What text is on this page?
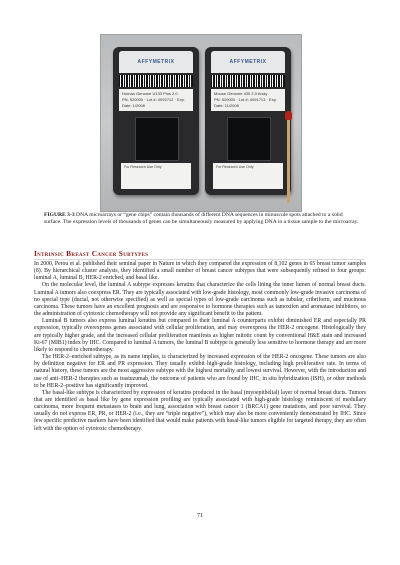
AFFYMETRIX
Human Genome U133 Plus 2.0
PN: 520000 · Lot #: 4092712 · Exp. Date: 1/2008
For Research Use Only
AFFYMETRIX
Mouse Genome 430 2.0 Array
PN: 520000 · Lot #: 4091713 · Exp. Date: 11/2008
For Research Use Only
FIGURE 3-3 DNA microarrays or “gene chips” contain thousands of different DNA sequences in minuscule spots attached to a solid surface. The expression levels of thousands of genes can be simultaneously measured by applying DNA in a tissue sample to the microarray.
Intrinsic Breast Cancer Subtypes

In 2000, Perou et al. published their seminal paper in Nature in which they compared the expression of 8,102 genes in 65 breast tumor samples (8). By hierarchical cluster analysis, they identified a small number of breast cancer subtypes that were subsequently refined to four groups: luminal A, luminal B, HER-2 enriched, and basal like.

On the molecular level, the luminal A subtype expresses keratins that characterize the cells lining the inner lumen of normal breast ducts. Luminal A tumors also coexpress ER. They are typically associated with low-grade histology, most commonly low-grade invasive carcinoma of no special type (ductal, not otherwise specified) as well as special types of low-grade carcinoma such as tubular, cribriform, and mucinous carcinoma. These tumors have an excellent prognosis and are responsive to hormone therapies such as tamoxifen and aromatase inhibitors, so the administration of cytotoxic chemotherapy will not provide any significant benefit to the patient.

Luminal B tumors also express luminal keratins but compared to their luminal A counterparts exhibit diminished ER and especially PR expression, typically overexpress genes associated with cellular proliferation, and may overexpress the HER-2 oncogene. Histologically they are typically higher grade, and the increased cellular proliferation manifests as higher mitotic count by conventional H&E stain and increased Ki-67 (MIB1) index by IHC. Compared to luminal A tumors, the luminal B subtype is generally less sensitive to hormone therapy and are more likely to respond to chemotherapy.

The HER-2–enriched subtype, as its name implies, is characterized by increased expression of the HER-2 oncogene. These tumors are also by definition negative for ER and PR expression. They usually exhibit high-grade histology, including high proliferative rate. In terms of natural history, these tumors are the most aggressive subtype with the highest mortality and lowest survival. However, with the introduction and use of anti–HER-2 therapies such as trastuzumab, the outcome of patients who are found by IHC, in situ hybridization (ISH), or other methods to be HER-2–positive has significantly improved.

The basal-like subtype is characterized by expression of keratins produced in the basal (myoepithelial) layer of normal breast ducts. Tumors that are identified as basal like by gene expression profiling are typically associated with high-grade histology reminiscent of medullary carcinoma, more frequent metastases to brain and lung, association with breast cancer 1 (BRCA1) gene mutations, and poor survival. They usually do not express ER, PR, or HER-2 (i.e., they are “triple negative”), which may also be more conveniently demonstrated by IHC. Since few specific predictive markers have been identified that would make patients with basal-like tumors eligible for targeted therapy, they are often left with the option of cytotoxic chemotherapy.

71
